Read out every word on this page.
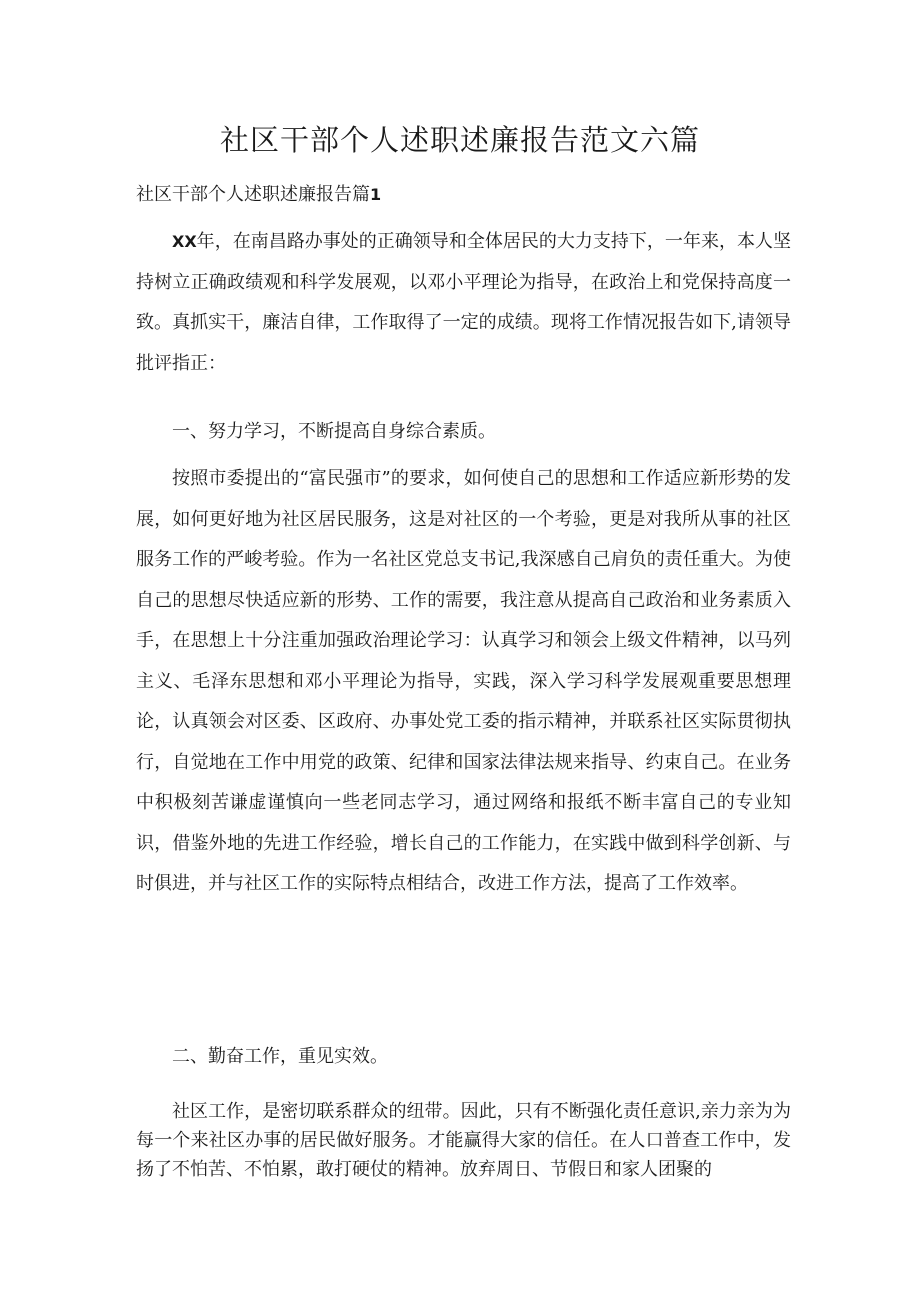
社区干部个人述职述廉报告范文六篇
社区干部个人述职述廉报告篇1

XX年，在南昌路办事处的正确领导和全体居民的大力支持下，一年来，本人坚持树立正确政绩观和科学发展观，以邓小平理论为指导，在政治上和党保持高度一致。真抓实干，廉洁自律，工作取得了一定的成绩。现将工作情况报告如下,请领导批评指正：

一、努力学习，不断提高自身综合素质。

按照市委提出的“富民强市”的要求，如何使自己的思想和工作适应新形势的发展，如何更好地为社区居民服务，这是对社区的一个考验，更是对我所从事的社区服务工作的严峻考验。作为一名社区党总支书记,我深感自己肩负的责任重大。为使自己的思想尽快适应新的形势、工作的需要，我注意从提高自己政治和业务素质入手，在思想上十分注重加强政治理论学习：认真学习和领会上级文件精神，以马列主义、毛泽东思想和邓小平理论为指导，实践，深入学习科学发展观重要思想理论，认真领会对区委、区政府、办事处党工委的指示精神，并联系社区实际贯彻执行，自觉地在工作中用党的政策、纪律和国家法律法规来指导、约束自己。在业务中积极刻苦谦虚谨慎向一些老同志学习，通过网络和报纸不断丰富自己的专业知识，借鉴外地的先进工作经验，增长自己的工作能力，在实践中做到科学创新、与时俱进，并与社区工作的实际特点相结合，改进工作方法，提高了工作效率。

二、勤奋工作，重见实效。

社区工作，是密切联系群众的纽带。因此，只有不断强化责任意识,亲力亲为为每一个来社区办事的居民做好服务。才能赢得大家的信任。在人口普查工作中，发扬了不怕苦、不怕累，敢打硬仗的精神。放弃周日、节假日和家人团聚的
